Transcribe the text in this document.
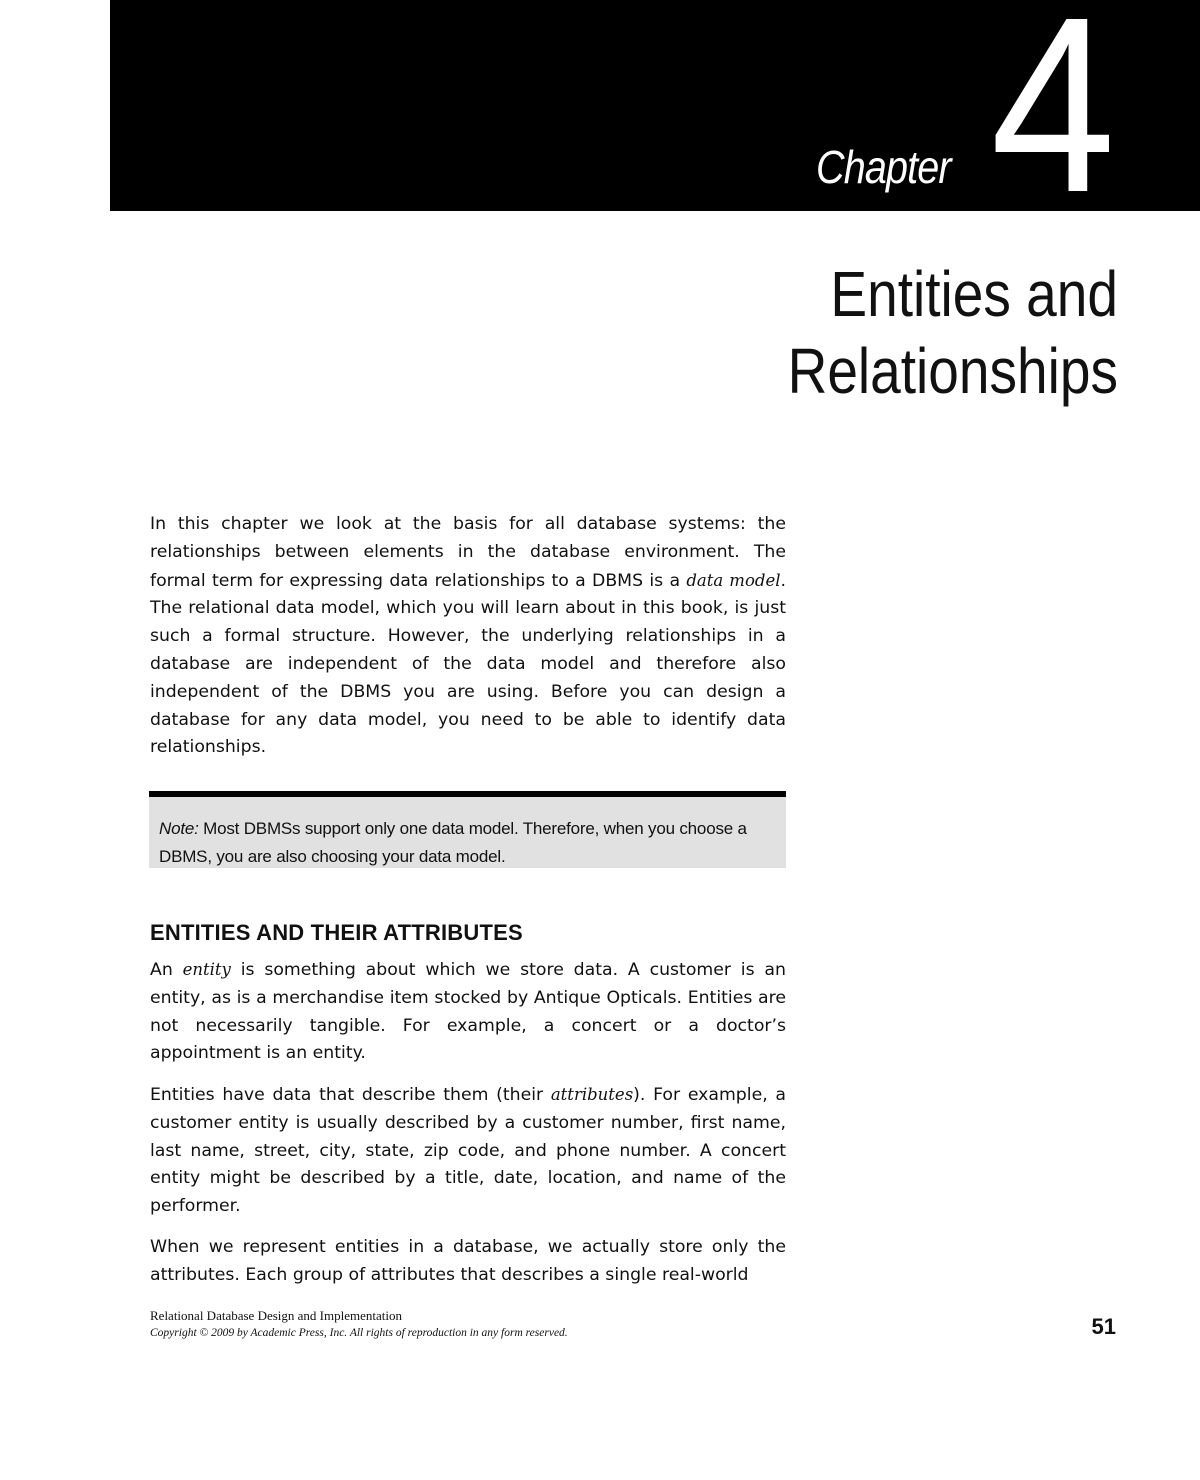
Chapter 4
Entities and
Relationships

In this chapter we look at the basis for all database systems: the relationships between elements in the database environment. The formal term for expressing data relationships to a DBMS is a data model. The relational data model, which you will learn about in this book, is just such a formal structure. However, the underlying relationships in a database are independent of the data model and therefore also independent of the DBMS you are using. Before you can design a database for any data model, you need to be able to identify data relationships.

Note: Most DBMSs support only one data model. Therefore, when you choose a DBMS, you are also choosing your data model.
ENTITIES AND THEIR ATTRIBUTES

An entity is something about which we store data. A customer is an entity, as is a merchandise item stocked by Antique Opticals. Entities are not necessarily tangible. For example, a concert or a doctor’s appointment is an entity.

Entities have data that describe them (their attributes). For example, a customer entity is usually described by a customer number, first name, last name, street, city, state, zip code, and phone number. A concert entity might be described by a title, date, location, and name of the performer.

When we represent entities in a database, we actually store only the attributes. Each group of attributes that describes a single real-world

Relational Database Design and Implementation
Copyright © 2009 by Academic Press, Inc. All rights of reproduction in any form reserved.	51
